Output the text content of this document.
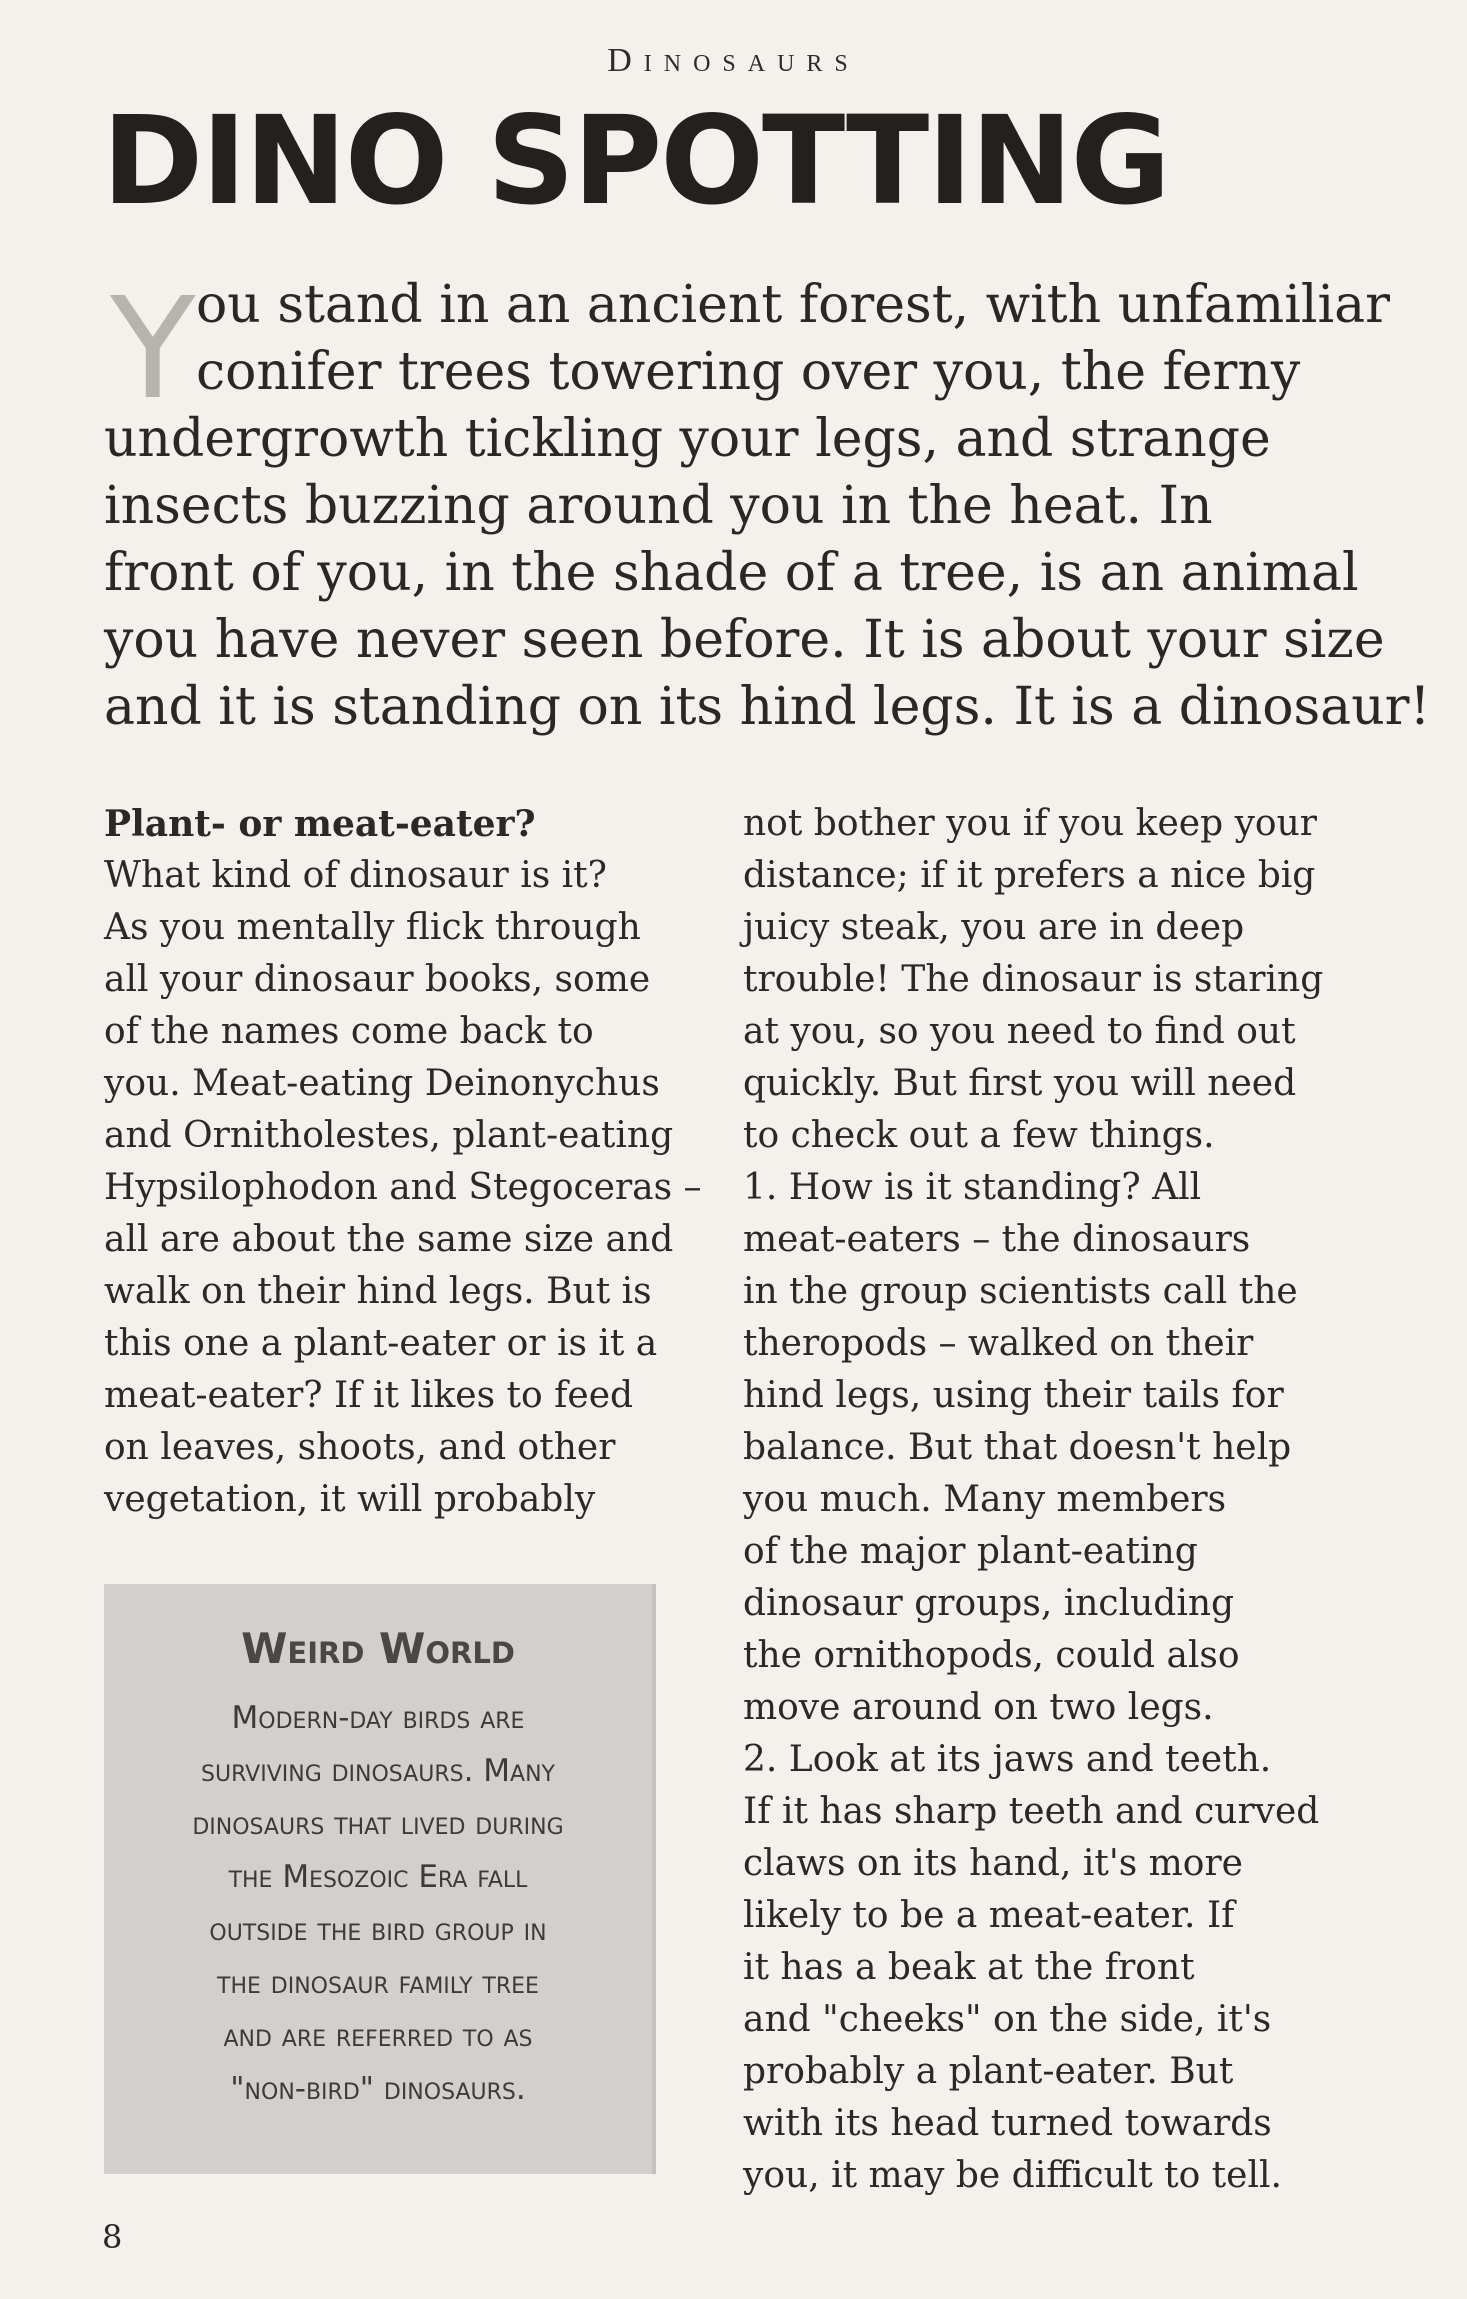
Dinosaurs
DINO SPOTTING
Y ou stand in an ancient forest, with unfamiliar
conifer trees towering over you, the ferny
undergrowth tickling your legs, and strange
insects buzzing around you in the heat. In
front of you, in the shade of a tree, is an animal
you have never seen before. It is about your size
and it is standing on its hind legs. It is a dinosaur!
Plant- or meat-eater?
What kind of dinosaur is it?
As you mentally flick through
all your dinosaur books, some
of the names come back to
you. Meat-eating Deinonychus
and Ornitholestes, plant-eating
Hypsilophodon and Stegoceras –
all are about the same size and
walk on their hind legs. But is
this one a plant-eater or is it a
meat-eater? If it likes to feed
on leaves, shoots, and other
vegetation, it will probably
not bother you if you keep your
distance; if it prefers a nice big
juicy steak, you are in deep
trouble! The dinosaur is staring
at you, so you need to find out
quickly. But first you will need
to check out a few things.
1. How is it standing? All
meat-eaters – the dinosaurs
in the group scientists call the
theropods – walked on their
hind legs, using their tails for
balance. But that doesn't help
you much. Many members
of the major plant-eating
dinosaur groups, including
the ornithopods, could also
move around on two legs.
2. Look at its jaws and teeth.
If it has sharp teeth and curved
claws on its hand, it's more
likely to be a meat-eater. If
it has a beak at the front
and "cheeks" on the side, it's
probably a plant-eater. But
with its head turned towards
you, it may be difficult to tell.
Weird World
Modern-day birds are
surviving dinosaurs. Many
dinosaurs that lived during
the Mesozoic Era fall
outside the bird group in
the dinosaur family tree
and are referred to as
"non-bird" dinosaurs.
8
